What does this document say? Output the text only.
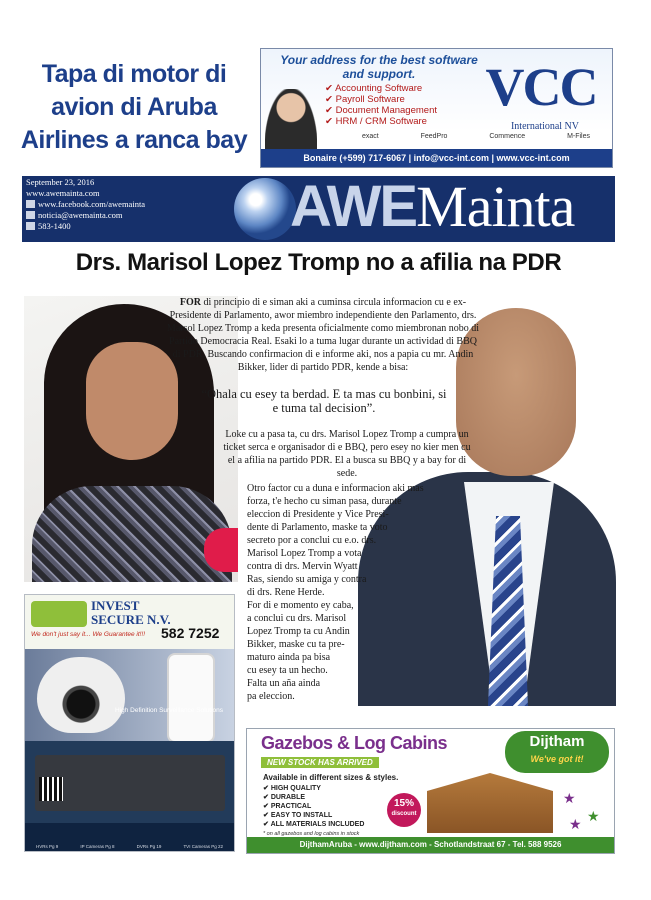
Tapa di motor di avion di Aruba Airlines a ranca bay
Your address for the best software and support.
✔ Accounting Software
✔ Payroll Software
✔ Document Management
✔ HRM / CRM Software
VCC
International NV
exact	FeedPro	Commence	M-Files
Bonaire (+599) 717-6067 | info@vcc-int.com | www.vcc-int.com
September 23, 2016
www.awemainta.com
www.facebook.com/awemainta
noticia@awemainta.com
583-1400	AWEMainta
Drs. Marisol Lopez Tromp no a afilia na PDR
FOR di principio di e siman aki a cuminsa circula informacion cu e ex-Presidente di Parlamento, awor miembro independiente den Parlamento, drs. Marsol Lopez Tromp a keda presenta oficialmente como miembronan nobo di Partido Democracia Real. Esaki lo a tuma lugar durante un actividad di BBQ di PDR. Buscando confirmacion di e informe aki, nos a papia cu mr. Andin Bikker, lider di partido PDR, kende a bisa:
“Ohala cu esey ta berdad. E ta mas cu bonbini, si e tuma tal decision”.
Loke cu a pasa ta, cu drs. Marisol Lopez Tromp a cumpra un ticket serca e organisador di e BBQ, pero esey no kier men cu el a afilia na partido PDR. El a busca su BBQ y a bay for di sede.
Otro factor cu a duna e informacion aki mas
forza, t'e hecho cu siman pasa, durante
eleccion di Presidente y Vice Presi-
dente di Parlamento, maske ta voto
secreto por a conclui cu e.o. drs.
Marisol Lopez Tromp a vota
contra di drs. Mervin Wyatt
Ras, siendo su amiga y contra
di drs. Rene Herde.
For di e momento ey caba,
a conclui cu drs. Marisol
Lopez Tromp ta cu Andin
Bikker, maske cu ta pre-
maturo ainda pa bisa
cu esey ta un hecho.
Falta un aña ainda
pa eleccion.
INVEST
SECURE N.V.
We don't just say it... We Guarantee it!!! 582 7252
High Definition Surveillance Solutions
HVRs Pg 9	IP Cameras Pg 8	DVRs Pg 19	TVI Cameras Pg 22
Gazebos & Log Cabins
NEW STOCK HAS ARRIVED
Available in different sizes & styles.
✔ HIGH QUALITY
✔ DURABLE
✔ PRACTICAL
✔ EASY TO INSTALL
✔ ALL MATERIALS INCLUDED
* on all gazebos and log cabins in stock
15%
discount
Dijtham
We've got it!
★
★
★
DijthamAruba - www.dijtham.com - Schotlandstraat 67 - Tel. 588 9526
